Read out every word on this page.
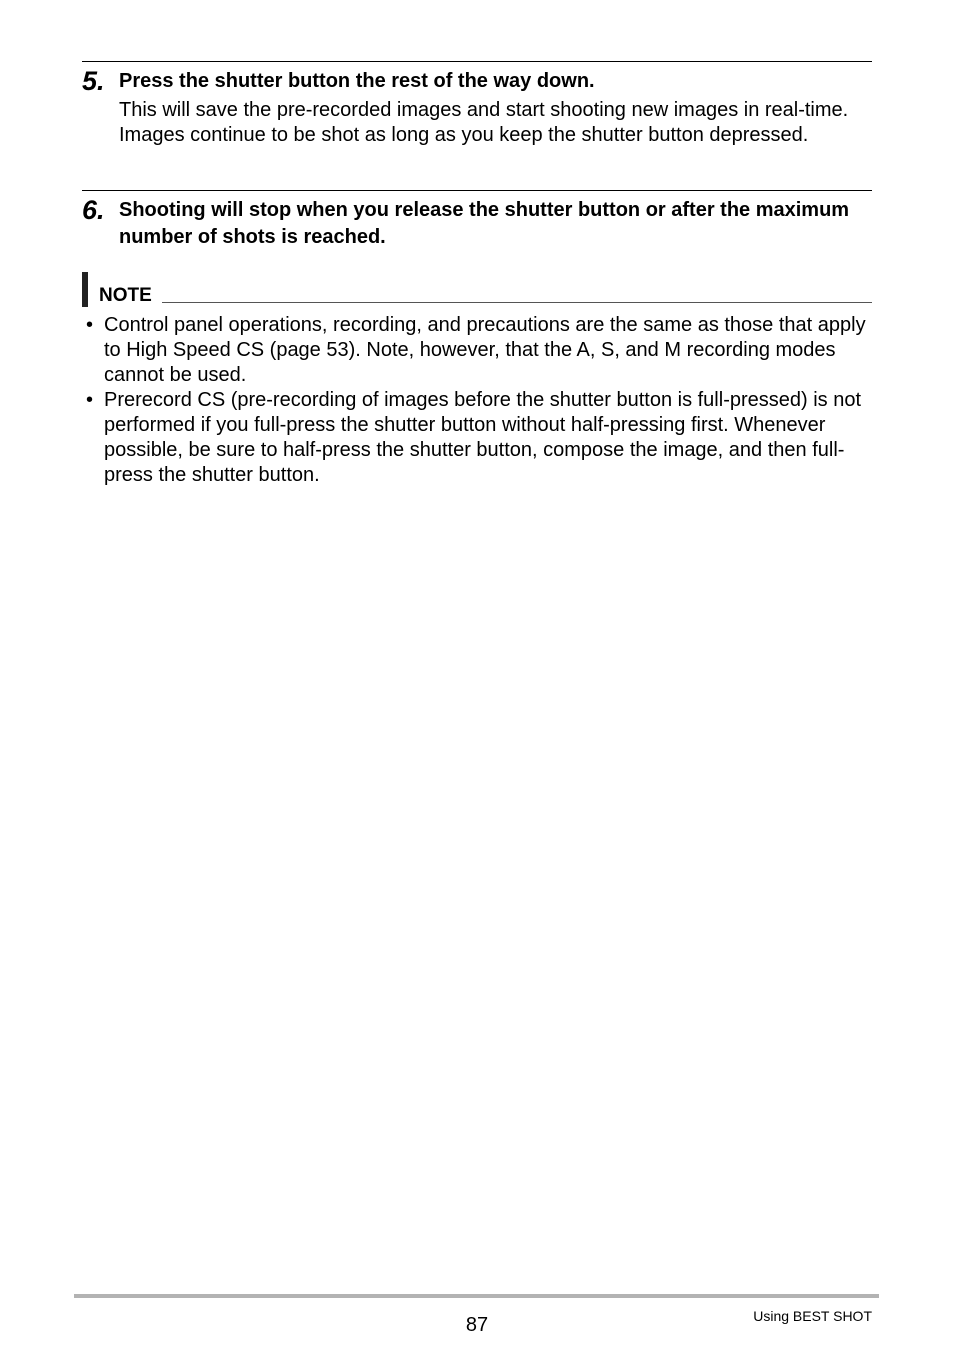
5. Press the shutter button the rest of the way down.
This will save the pre-recorded images and start shooting new images in real-time. Images continue to be shot as long as you keep the shutter button depressed.
6. Shooting will stop when you release the shutter button or after the maximum number of shots is reached.
NOTE
• Control panel operations, recording, and precautions are the same as those that apply to High Speed CS (page 53). Note, however, that the A, S, and M recording modes cannot be used.
• Prerecord CS (pre-recording of images before the shutter button is full-pressed) is not performed if you full-press the shutter button without half-pressing first. Whenever possible, be sure to half-press the shutter button, compose the image, and then full-press the shutter button.
87	Using BEST SHOT
